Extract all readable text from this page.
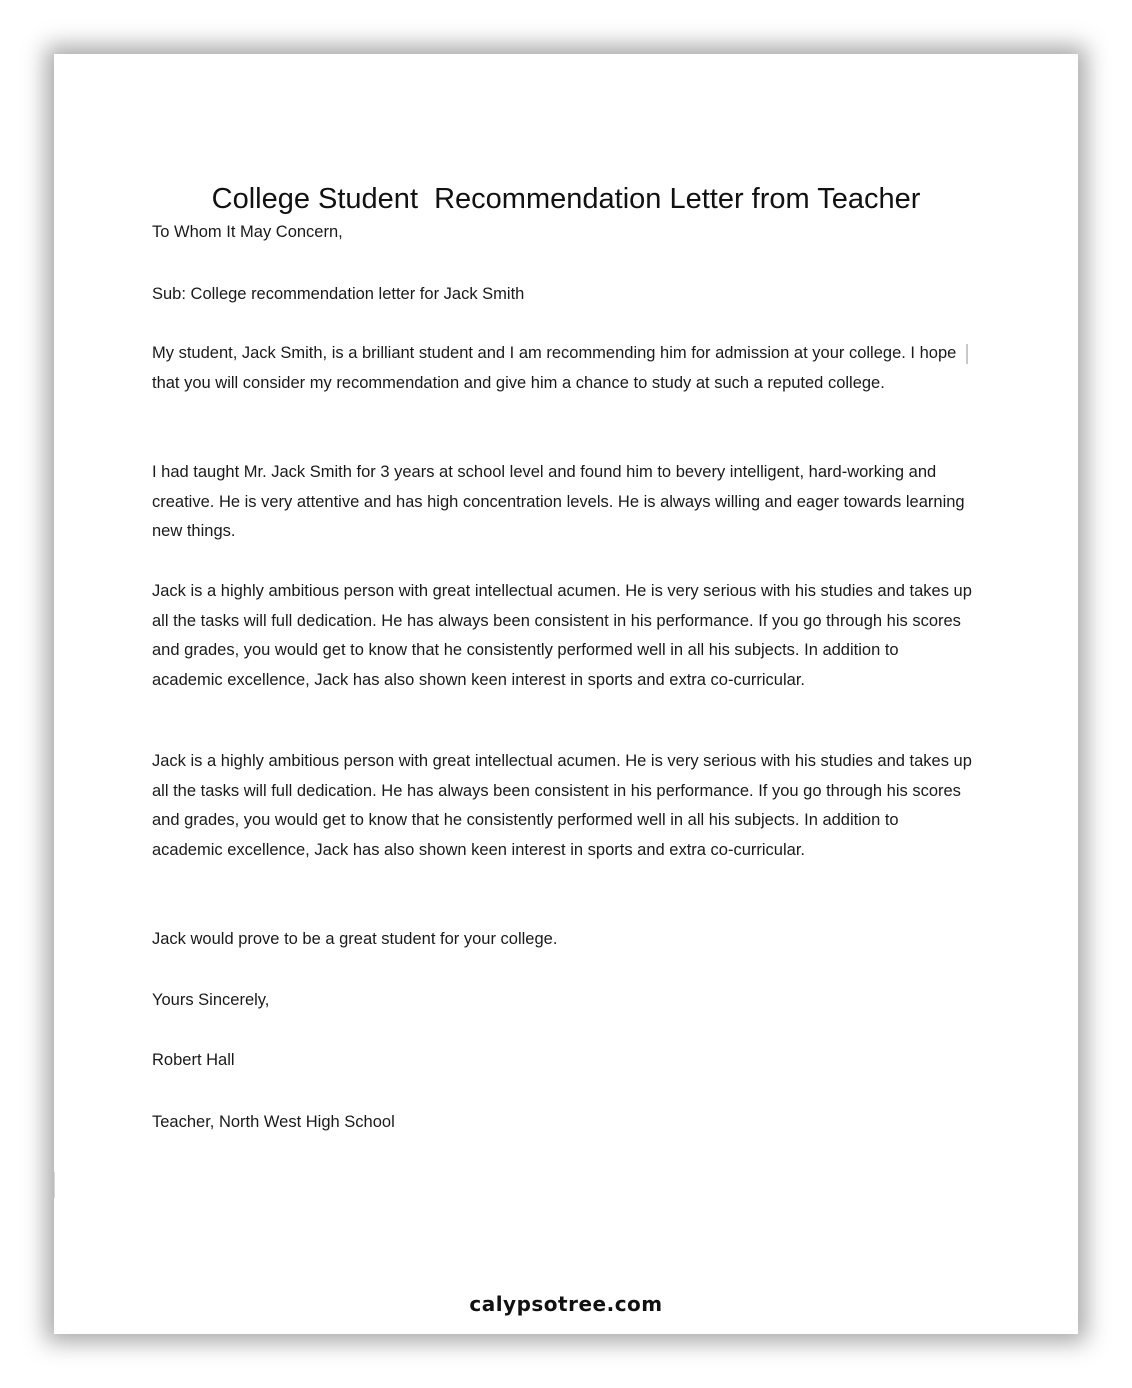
College Student  Recommendation Letter from Teacher

To Whom It May Concern,

Sub: College recommendation letter for Jack Smith

My student, Jack Smith, is a brilliant student and I am recommending him for admission at your college. I hope that you will consider my recommendation and give him a chance to study at such a reputed college.

I had taught Mr. Jack Smith for 3 years at school level and found him to bevery intelligent, hard-working and creative. He is very attentive and has high concentration levels. He is always willing and eager towards learning new things.

Jack is a highly ambitious person with great intellectual acumen. He is very serious with his studies and takes up all the tasks will full dedication. He has always been consistent in his performance. If you go through his scores and grades, you would get to know that he consistently performed well in all his subjects. In addition to academic excellence, Jack has also shown keen interest in sports and extra co-curricular.

Jack is a highly ambitious person with great intellectual acumen. He is very serious with his studies and takes up all the tasks will full dedication. He has always been consistent in his performance. If you go through his scores and grades, you would get to know that he consistently performed well in all his subjects. In addition to academic excellence, Jack has also shown keen interest in sports and extra co-curricular.

Jack would prove to be a great student for your college.

Yours Sincerely,

Robert Hall

Teacher, North West High School

calypsotree.com
